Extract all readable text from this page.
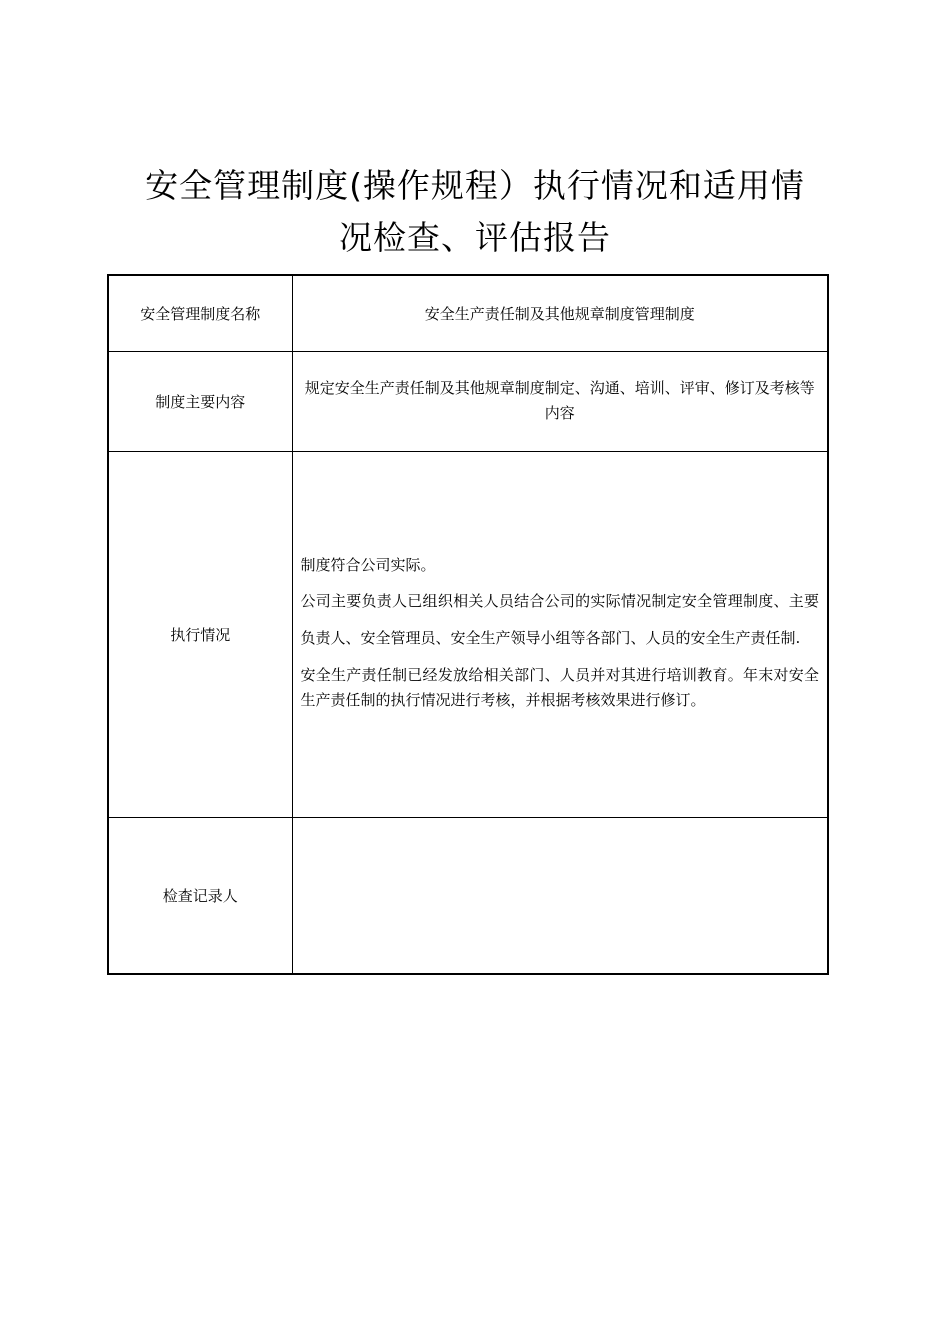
安全管理制度(操作规程）执行情况和适用情
况检查、评估报告
安全管理制度名称	安全生产责任制及其他规章制度管理制度
制度主要内容	规定安全生产责任制及其他规章制度制定、沟通、培训、评审、修订及考核等内容

执行情况	制度符合公司实际。

公司主要负责人已组织相关人员结合公司的实际情况制定安全管理制度、主要负责人、安全管理员、安全生产领导小组等各部门、人员的安全生产责任制.

安全生产责任制已经发放给相关部门、人员并对其进行培训教育。年末对安全生产责任制的执行情况进行考核，并根据考核效果进行修订。

检查记录人	
